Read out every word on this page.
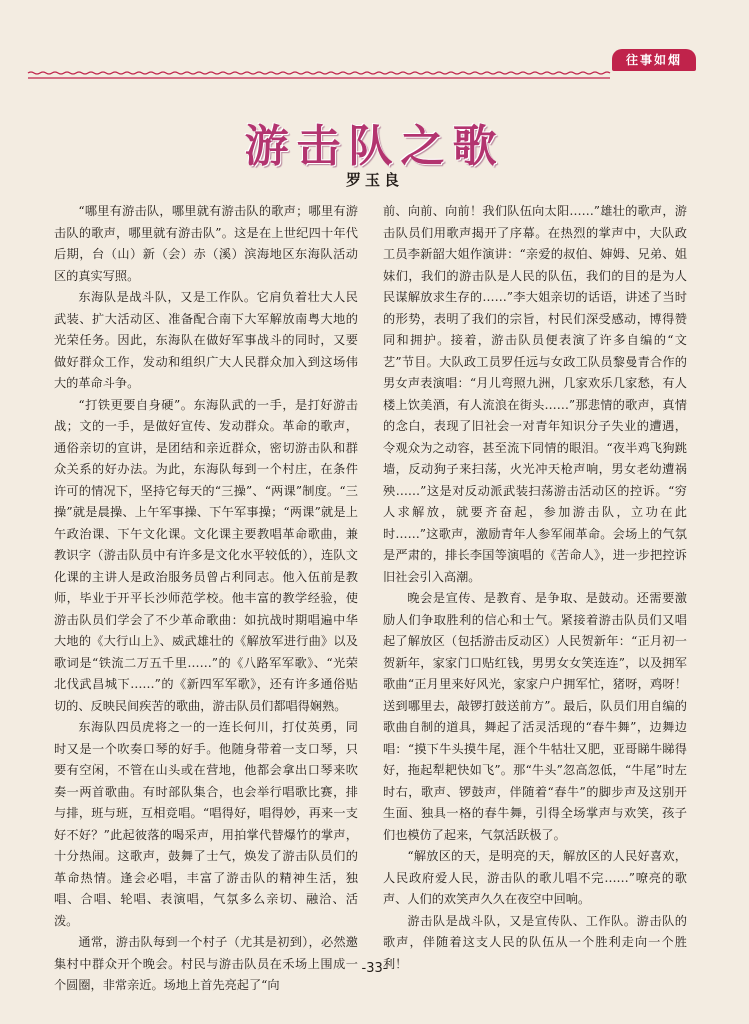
往事如烟
游击队之歌
罗玉良

“哪里有游击队，哪里就有游击队的歌声；哪里有游击队的歌声，哪里就有游击队”。这是在上世纪四十年代后期，台（山）新（会）赤（溪）滨海地区东海队活动区的真实写照。

东海队是战斗队，又是工作队。它肩负着壮大人民武装、扩大活动区、准备配合南下大军解放南粤大地的光荣任务。因此，东海队在做好军事战斗的同时，又要做好群众工作，发动和组织广大人民群众加入到这场伟大的革命斗争。

“打铁更要自身硬”。东海队武的一手，是打好游击战；文的一手，是做好宣传、发动群众。革命的歌声，通俗亲切的宣讲，是团结和亲近群众，密切游击队和群众关系的好办法。为此，东海队每到一个村庄，在条件许可的情况下，坚持它每天的“三操”、“两课”制度。“三操”就是晨操、上午军事操、下午军事操；“两课”就是上午政治课、下午文化课。文化课主要教唱革命歌曲，兼教识字（游击队员中有许多是文化水平较低的），连队文化课的主讲人是政治服务员曾占利同志。他入伍前是教师，毕业于开平长沙师范学校。他丰富的教学经验，使游击队员们学会了不少革命歌曲：如抗战时期唱遍中华大地的《大行山上》、威武雄壮的《解放军进行曲》以及歌词是“铁流二万五千里……”的《八路军军歌》、“光荣北伐武昌城下……”的《新四军军歌》，还有许多通俗贴切的、反映民间疾苦的歌曲，游击队员们都唱得娴熟。

东海队四员虎将之一的一连长何川，打仗英勇，同时又是一个吹奏口琴的好手。他随身带着一支口琴，只要有空闲，不管在山头或在营地，他都会拿出口琴来吹奏一两首歌曲。有时部队集合，也会举行唱歌比赛，排与排，班与班，互相竞唱。“唱得好，唱得妙，再来一支好不好？”此起彼落的喝采声，用拍掌代替爆竹的掌声，十分热闹。这歌声，鼓舞了士气，焕发了游击队员们的革命热情。逢会必唱，丰富了游击队的精神生活，独唱、合唱、轮唱、表演唱，气氛多么亲切、融洽、活泼。

通常，游击队每到一个村子（尤其是初到），必然邀集村中群众开个晚会。村民与游击队员在禾场上围成一个圆圈，非常亲近。场地上首先亮起了“向

前、向前、向前！我们队伍向太阳……”雄壮的歌声，游击队员们用歌声揭开了序幕。在热烈的掌声中，大队政工员李新韶大姐作演讲：“亲爱的叔伯、婶姆、兄弟、姐妹们，我们的游击队是人民的队伍，我们的目的是为人民谋解放求生存的……”李大姐亲切的话语，讲述了当时的形势，表明了我们的宗旨，村民们深受感动，博得赞同和拥护。接着，游击队员便表演了许多自编的“文艺”节目。大队政工员罗任远与女政工队员黎曼青合作的男女声表演唱：“月儿弯照九洲，几家欢乐几家愁，有人楼上饮美酒，有人流浪在街头……”那悲情的歌声，真情的念白，表现了旧社会一对青年知识分子失业的遭遇，令观众为之动容，甚至流下同情的眼泪。“夜半鸡飞狗跳墙，反动狗子来扫荡，火光冲天枪声响，男女老幼遭祸殃……”这是对反动派武装扫荡游击活动区的控诉。“穷人求解放，就要齐奋起，参加游击队，立功在此时……”这歌声，激励青年人参军闹革命。会场上的气氛是严肃的，排长李国等演唱的《苦命人》，进一步把控诉旧社会引入高潮。

晚会是宣传、是教育、是争取、是鼓动。还需要激励人们争取胜利的信心和士气。紧接着游击队员们又唱起了解放区（包括游击反动区）人民贺新年：“正月初一贺新年，家家门口贴红钱，男男女女笑连连”，以及拥军歌曲“正月里来好风光，家家户户拥军忙，猪呀，鸡呀！送到哪里去，敲锣打鼓送前方”。最后，队员们用自编的歌曲自制的道具，舞起了活灵活现的“春牛舞”，边舞边唱：“摸下牛头摸牛尾，涯个牛牯壮又肥，亚哥睇牛睇得好，拖起犁耙快如飞”。那“牛头”忽高忽低，“牛尾”时左时右，歌声、锣鼓声，伴随着“春牛”的脚步声及这别开生面、独具一格的春牛舞，引得全场掌声与欢笑，孩子们也模仿了起来，气氛活跃极了。

“解放区的天，是明亮的天，解放区的人民好喜欢，人民政府爱人民，游击队的歌儿唱不完……”嘹亮的歌声、人们的欢笑声久久在夜空中回响。

游击队是战斗队，又是宣传队、工作队。游击队的歌声，伴随着这支人民的队伍从一个胜利走向一个胜利！

-33-
